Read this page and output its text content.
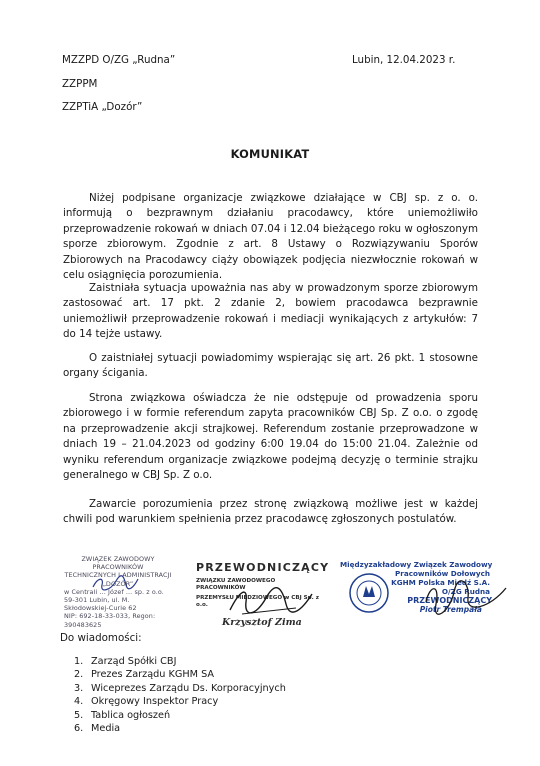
MZZPD O/ZG „Rudna”
ZZPPM
ZZPTiA „Dozór”
Lubin, 12.04.2023 r.
KOMUNIKAT

Niżej podpisane organizacje związkowe działające w CBJ sp. z o. o. informują o bezprawnym działaniu pracodawcy, które uniemożliwiło przeprowadzenie rokowań w dniach 07.04 i 12.04 bieżącego roku w ogłoszonym sporze zbiorowym. Zgodnie z art. 8 Ustawy o Rozwiązywaniu Sporów Zbiorowych na Pracodawcy ciąży obowiązek podjęcia niezwłocznie rokowań w celu osiągnięcia porozumienia.

Zaistniała sytuacja upoważnia nas aby w prowadzonym sporze zbiorowym zastosować art. 17 pkt. 2 zdanie 2, bowiem pracodawca bezprawnie uniemożliwił przeprowadzenie rokowań i mediacji wynikających z artykułów: 7 do 14 tejże ustawy.

O zaistniałej sytuacji powiadomimy wspierając się art. 26 pkt. 1 stosowne organy ścigania.

Strona związkowa oświadcza że nie odstępuje od prowadzenia sporu zbiorowego i w formie referendum zapyta pracowników CBJ Sp. Z o.o. o zgodę na przeprowadzenie akcji strajkowej. Referendum zostanie przeprowadzone w dniach 19 – 21.04.2023 od godziny 6:00 19.04 do 15:00 21.04. Zależnie od wyniku referendum organizacje związkowe podejmą decyzję o terminie strajku generalnego w CBJ Sp. Z o.o.

Zawarcie porozumienia przez stronę związkową możliwe jest w każdej chwili pod warunkiem spełnienia przez pracodawcę zgłoszonych postulatów.

ZWIĄZEK ZAWODOWY PRACOWNIKÓW
TECHNICZNYCH I ADMINISTRACJI
„DOZÓR”
w Centrali ... Józef ... sp. z o.o.
59-301 Lubin, ul. M. Skłodowskiej-Curie 62
NIP: 692-18-33-033, Regon: 390483625
PRZEWODNICZĄCY
ZWIĄZKU ZAWODOWEGO PRACOWNIKÓW
PRZEMYSŁU MIEDZIOWEGO w CBJ Sp. z o.o.
Krzysztof Zima
Międzyzakładowy Związek Zawodowy
Pracowników Dołowych
KGHM Polska Miedź S.A.
O/ZG Rudna
PRZEWODNICZĄCY
Piotr Trempała
Do wiadomości:
1. Zarząd Spółki CBJ
2. Prezes Zarządu KGHM SA
3. Wiceprezes Zarządu Ds. Korporacyjnych
4. Okręgowy Inspektor Pracy
5. Tablica ogłoszeń
6. Media
